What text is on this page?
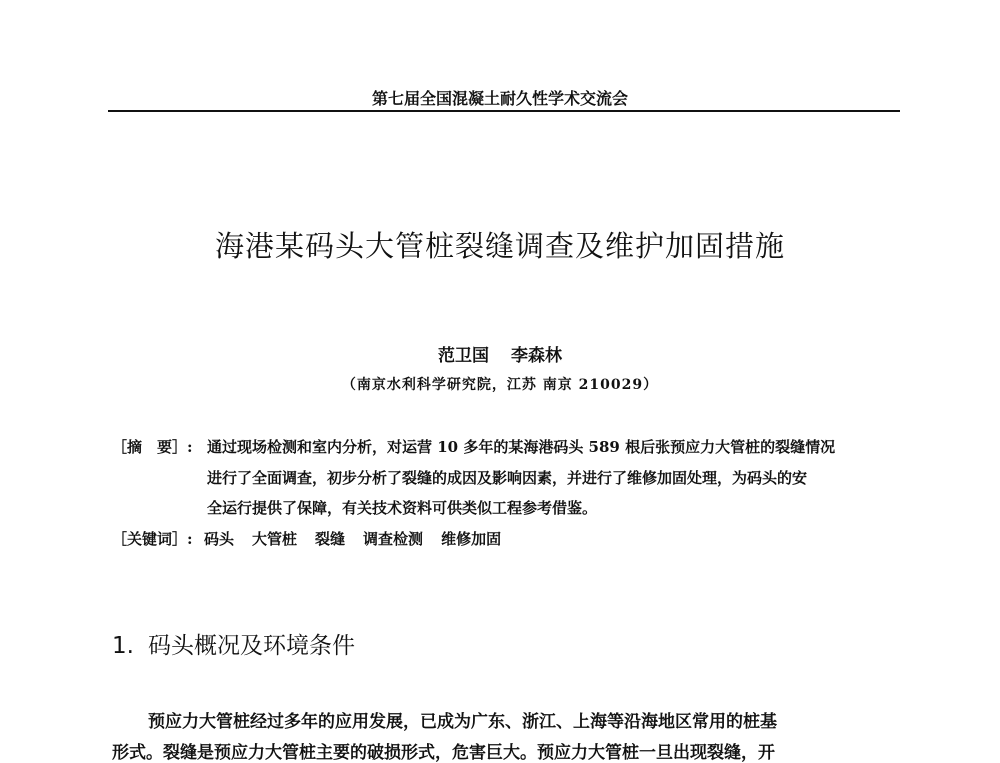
第七届全国混凝土耐久性学术交流会
海港某码头大管桩裂缝调查及维护加固措施
范卫国 李森林
（南京水利科学研究院，江苏 南京 210029）
［摘　要］: 通过现场检测和室内分析，对运营 10 多年的某海港码头 589 根后张预应力大管桩的裂缝情况
进行了全面调查，初步分析了裂缝的成因及影响因素，并进行了维修加固处理，为码头的安
全运行提供了保障，有关技术资料可供类似工程参考借鉴。
［关键词］: 码头 大管桩 裂缝 调查检测 维修加固
1. 码头概况及环境条件
预应力大管桩经过多年的应用发展，已成为广东、浙江、上海等沿海地区常用的桩基
形式。裂缝是预应力大管桩主要的破损形式，危害巨大。预应力大管桩一旦出现裂缝，开
